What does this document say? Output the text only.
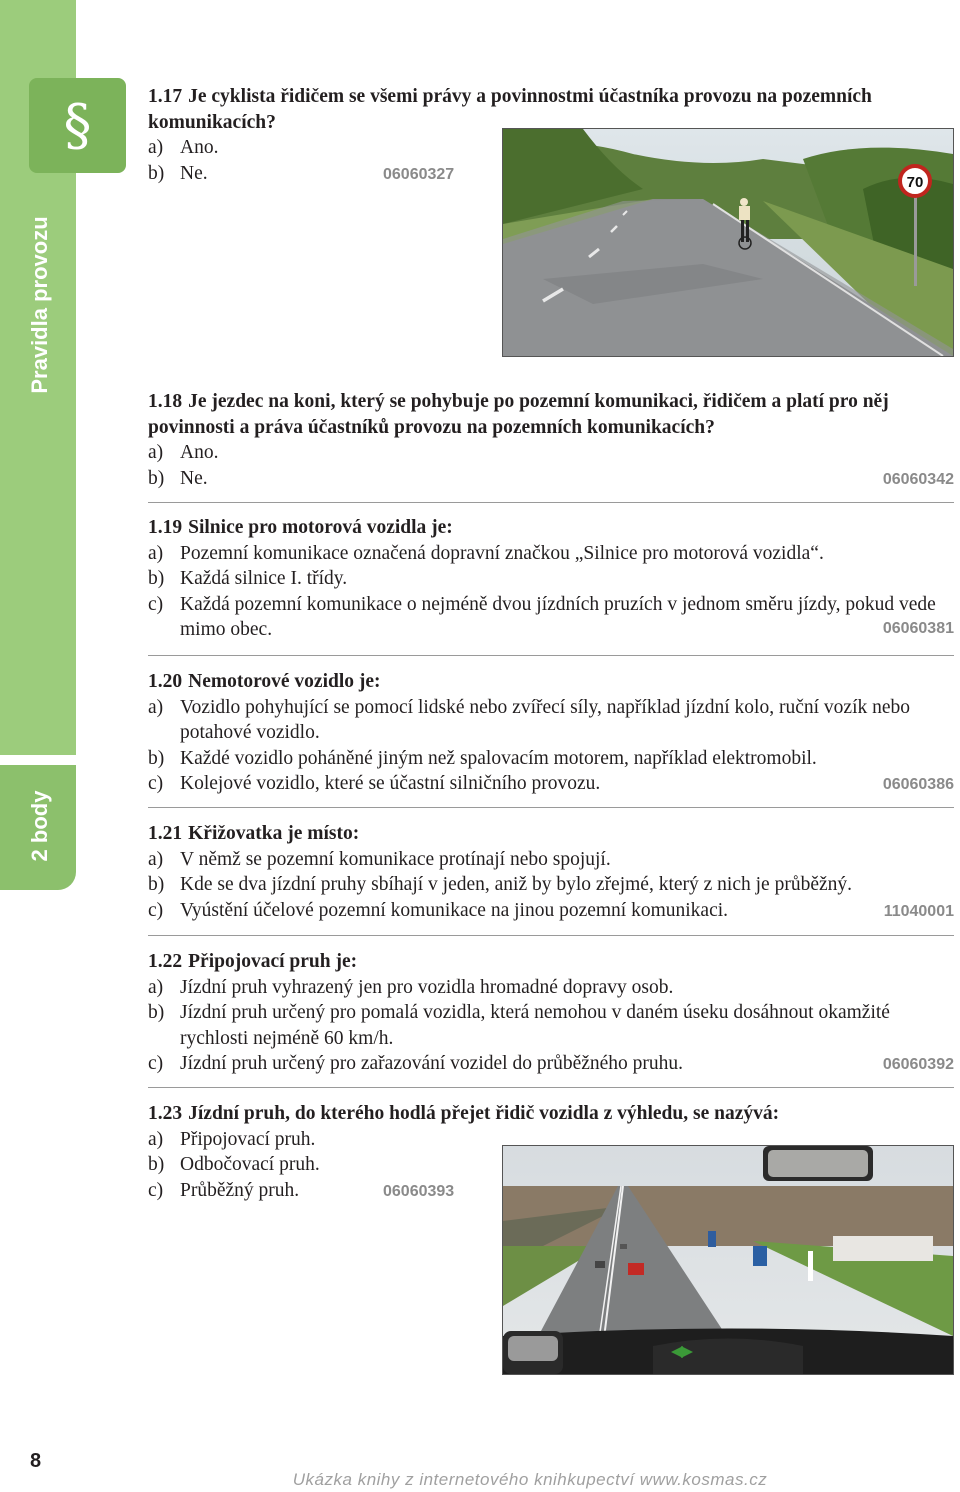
§
Pravidla provozu
2 body
1.17 Je cyklista řidičem se všemi právy a povinnostmi účastníka provozu na pozemních komunikacích?
a) Ano.
b) Ne.	06060327	70
1.18 Je jezdec na koni, který se pohybuje po pozemní komunikaci, řidičem a platí pro něj povinnosti a práva účastníků provozu na pozemních komunikacích?
a) Ano.
b) Ne.	06060342
1.19 Silnice pro motorová vozidla je:
a) Pozemní komunikace označená dopravní značkou „Silnice pro motorová vozidla“.
b) Každá silnice I. třídy.
c) Každá pozemní komunikace o nejméně dvou jízdních pruzích v jednom směru jízdy, pokud vede mimo obec.	06060381
1.20 Nemotorové vozidlo je:
a) Vozidlo pohyhující se pomocí lidské nebo zvířecí síly, například jízdní kolo, ruční vozík nebo potahové vozidlo.
b) Každé vozidlo poháněné jiným než spalovacím motorem, například elektromobil.
c) Kolejové vozidlo, které se účastní silničního provozu.	06060386
1.21 Křižovatka je místo:
a) V němž se pozemní komunikace protínají nebo spojují.
b) Kde se dva jízdní pruhy sbíhají v jeden, aniž by bylo zřejmé, který z nich je průběžný.
c) Vyústění účelové pozemní komunikace na jinou pozemní komunikaci.	11040001
1.22 Připojovací pruh je:
a) Jízdní pruh vyhrazený jen pro vozidla hromadné dopravy osob.
b) Jízdní pruh určený pro pomalá vozidla, která nemohou v daném úseku dosáhnout okamžité rychlosti nejméně 60 km/h.
c) Jízdní pruh určený pro zařazování vozidel do průběžného pruhu.	06060392
1.23 Jízdní pruh, do kterého hodlá přejet řidič vozidla z výhledu, se nazývá:
a) Připojovací pruh.
b) Odbočovací pruh.
c) Průběžný pruh.	06060393
8
Ukázka knihy z internetového knihkupectví www.kosmas.cz
